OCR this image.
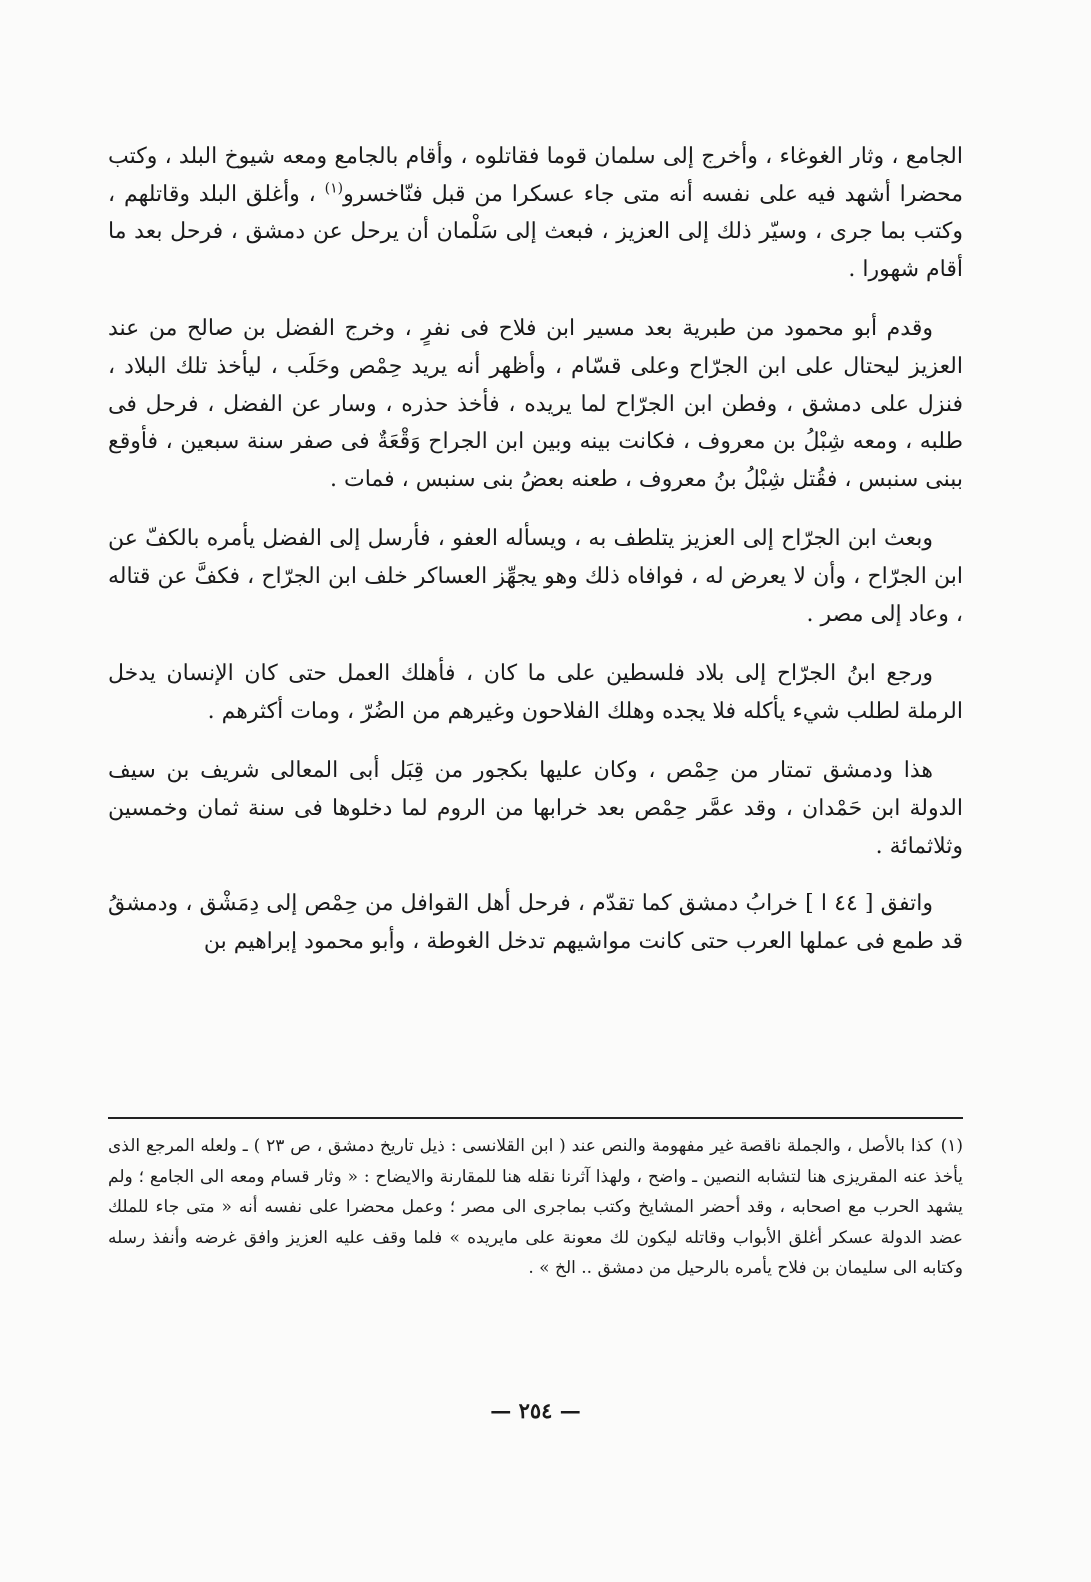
الجامع ، وثار الغوغاء ، وأخرج إلى سلمان قوما فقاتلوه ، وأقام بالجامع ومعه شيوخ البلد ، وكتب محضرا أشهد فيه على نفسه أنه متى جاء عسكرا من قبل فنّاخسرو$^{(١)}$ ، وأغلق البلد وقاتلهم ، وكتب بما جرى ، وسيّر ذلك إلى العزيز ، فبعث إلى سَلْمان أن يرحل عن دمشق ، فرحل بعد ما أقام شهورا .

وقدم أبو محمود من طبرية بعد مسير ابن فلاح فى نفرٍ ، وخرج الفضل بن صالح من عند العزيز ليحتال على ابن الجرّاح وعلى قسّام ، وأظهر أنه يريد حِمْص وحَلَب ، ليأخذ تلك البلاد ، فنزل على دمشق ، وفطن ابن الجرّاح لما يريده ، فأخذ حذره ، وسار عن الفضل ، فرحل فى طلبه ، ومعه شِبْلُ بن معروف ، فكانت بينه وبين ابن الجراح وَقْعَةٌ فى صفر سنة سبعين ، فأوقع ببنى سنبس ، فقُتل شِبْلُ بنُ معروف ، طعنه بعضُ بنى سنبس ، فمات .

وبعث ابن الجرّاح إلى العزيز يتلطف به ، ويسأله العفو ، فأرسل إلى الفضل يأمره بالكفّ عن ابن الجرّاح ، وأن لا يعرض له ، فوافاه ذلك وهو يجهِّز العساكر خلف ابن الجرّاح ، فكفَّ عن قتاله ، وعاد إلى مصر .

ورجع ابنُ الجرّاح إلى بلاد فلسطين على ما كان ، فأهلك العمل حتى كان الإنسان يدخل الرملة لطلب شيء يأكله فلا يجده وهلك الفلاحون وغيرهم من الضُرّ ، ومات أكثرهم .

هذا ودمشق تمتار من حِمْص ، وكان عليها بكجور من قِبَل أبى المعالى شريف بن سيف الدولة ابن حَمْدان ، وقد عمَّر حِمْص بعد خرابها من الروم لما دخلوها فى سنة ثمان وخمسين وثلاثمائة .

واتفق [ ٤٤ ا ] خرابُ دمشق كما تقدّم ، فرحل أهل القوافل من حِمْص إلى دِمَشْق ، ودمشقُ قد طمع فى عملها العرب حتى كانت مواشيهم تدخل الغوطة ، وأبو محمود إبراهيم بن

(١)كذا بالأصل ، والجملة ناقصة غير مفهومة والنص عند ( ابن القلانسى : ذيل تاريخ دمشق ، ص ٢٣ ) ـ ولعله المرجع الذى يأخذ عنه المقريزى هنا لتشابه النصين ـ واضح ، ولهذا آثرنا نقله هنا للمقارنة والايضاح : « وثار قسام ومعه الى الجامع ؛ ولم يشهد الحرب مع اصحابه ، وقد أحضر المشايخ وكتب بماجرى الى مصر ؛ وعمل محضرا على نفسه أنه « متى جاء للملك عضد الدولة عسكر أغلق الأبواب وقاتله ليكون لك معونة على مايريده » فلما وقف عليه العزيز وافق غرضه وأنفذ رسله وكتابه الى سليمان بن فلاح يأمره بالرحيل من دمشق .. الخ » .
— ٢٥٤ —
